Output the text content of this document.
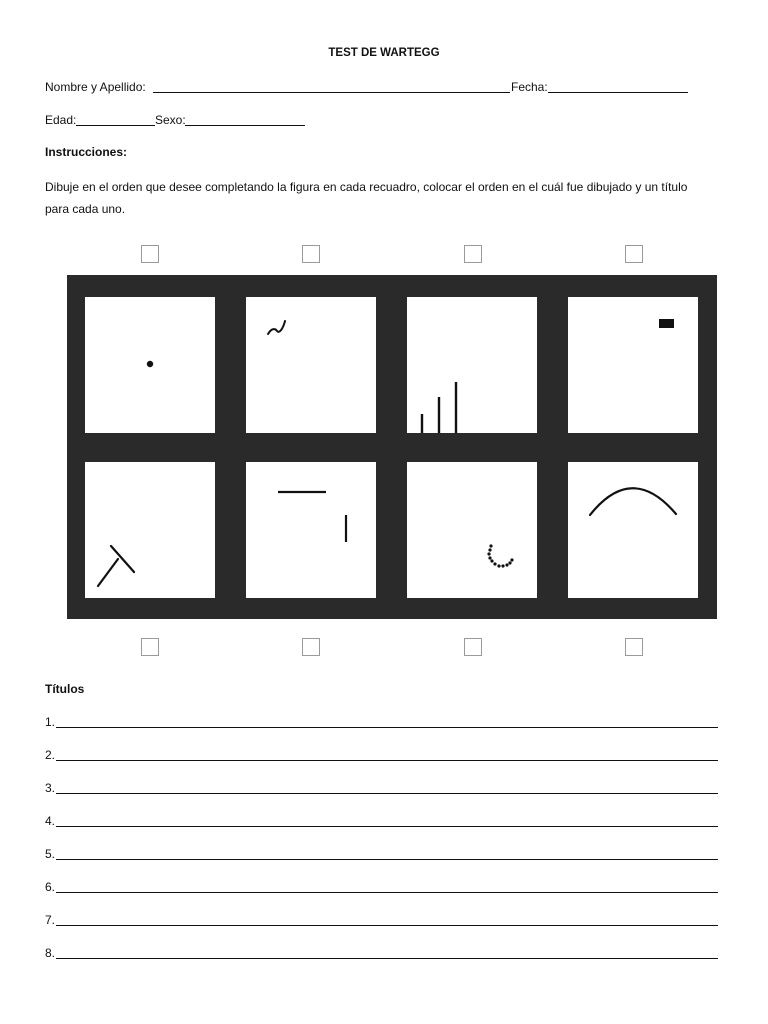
TEST DE WARTEGG
Nombre y Apellido:	Fecha:
Edad:	Sexo:
Instrucciones:
Dibuje en el orden que desee completando la figura en cada recuadro, colocar el orden en el cuál fue dibujado y un título para cada uno.
Títulos
1.
2.
3.
4.
5.
6.
7.
8.
